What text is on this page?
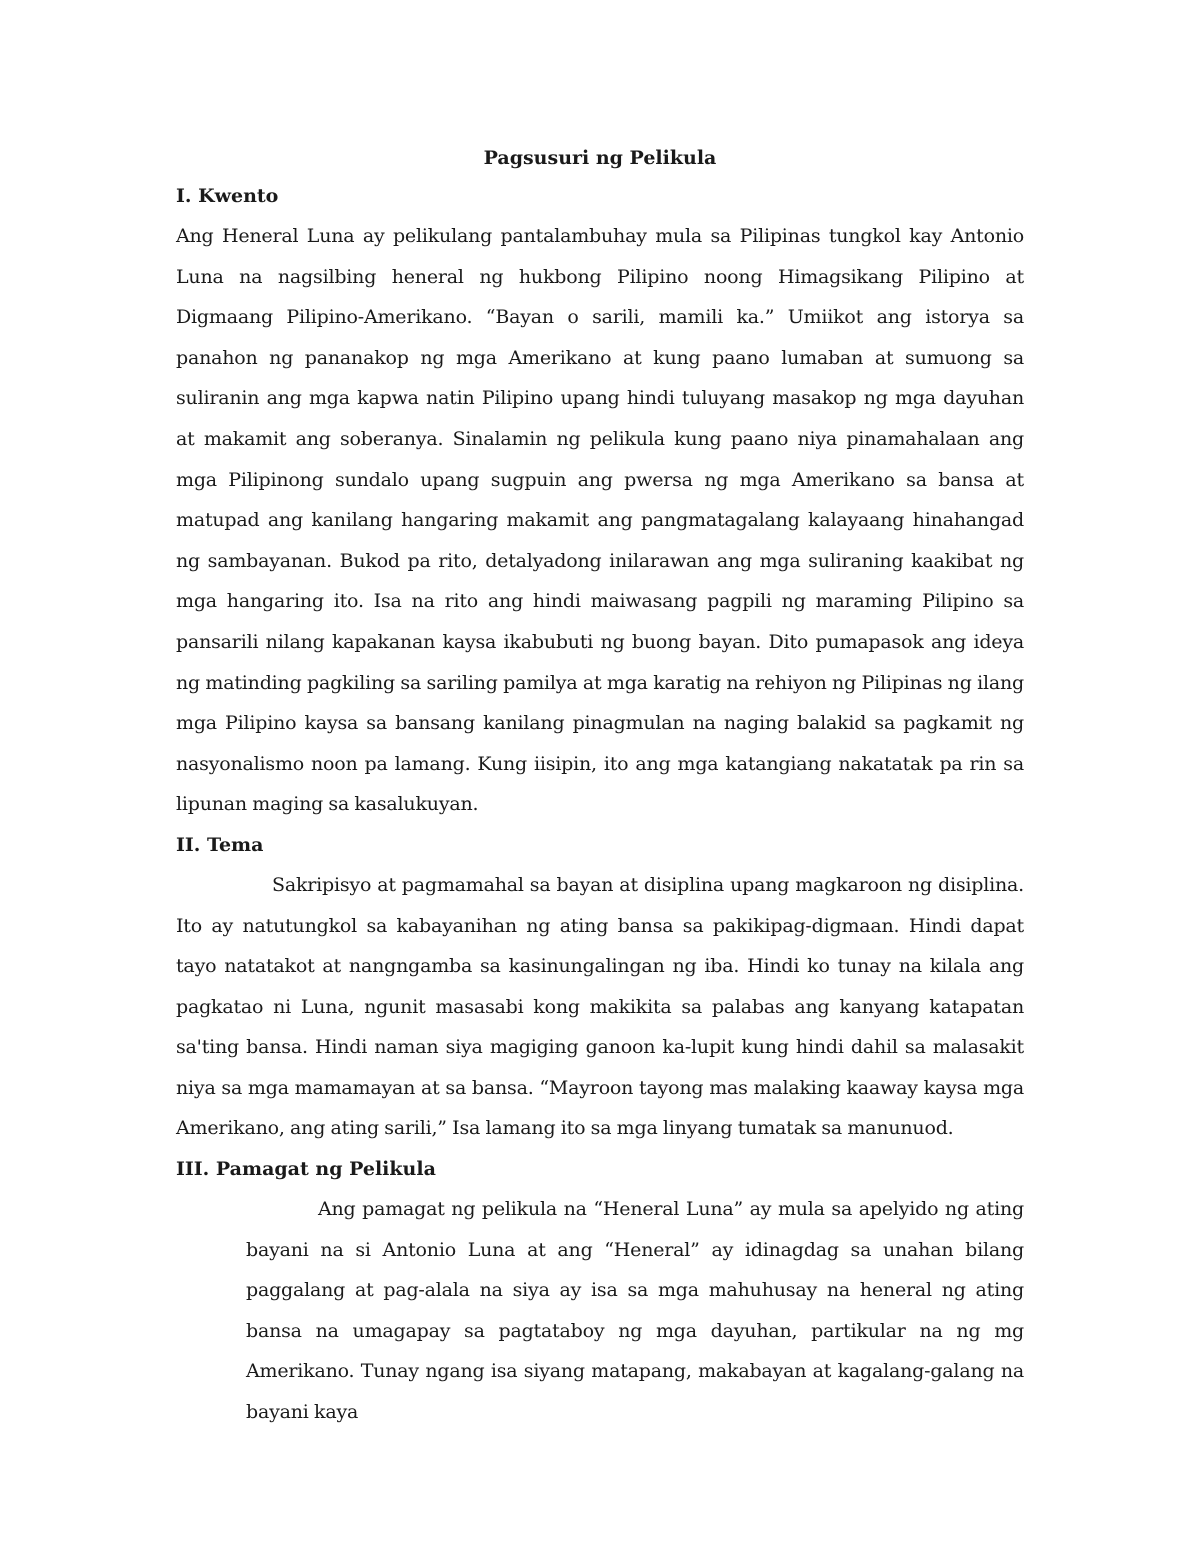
Pagsusuri ng Pelikula

I. Kwento

Ang Heneral Luna ay pelikulang pantalambuhay mula sa Pilipinas tungkol kay Antonio Luna na nagsilbing heneral ng hukbong Pilipino noong Himagsikang Pilipino at Digmaang Pilipino-Amerikano. “Bayan o sarili, mamili ka.” Umiikot ang istorya sa panahon ng pananakop ng mga Amerikano at kung paano lumaban at sumuong sa suliranin ang mga kapwa natin Pilipino upang hindi tuluyang masakop ng mga dayuhan at makamit ang soberanya. Sinalamin ng pelikula kung paano niya pinamahalaan ang mga Pilipinong sundalo upang sugpuin ang pwersa ng mga Amerikano sa bansa at matupad ang kanilang hangaring makamit ang pangmatagalang kalayaang hinahangad ng sambayanan. Bukod pa rito, detalyadong inilarawan ang mga suliraning kaakibat ng mga hangaring ito. Isa na rito ang hindi maiwasang pagpili ng maraming Pilipino sa pansarili nilang kapakanan kaysa ikabubuti ng buong bayan. Dito pumapasok ang ideya ng matinding pagkiling sa sariling pamilya at mga karatig na rehiyon ng Pilipinas ng ilang mga Pilipino kaysa sa bansang kanilang pinagmulan na naging balakid sa pagkamit ng nasyonalismo noon pa lamang. Kung iisipin, ito ang mga katangiang nakatatak pa rin sa lipunan maging sa kasalukuyan.

II. Tema

Sakripisyo at pagmamahal sa bayan at disiplina upang magkaroon ng disiplina. Ito ay natutungkol sa kabayanihan ng ating bansa sa pakikipag-digmaan. Hindi dapat tayo natatakot at nangngamba sa kasinungalingan ng iba. Hindi ko tunay na kilala ang pagkatao ni Luna, ngunit masasabi kong makikita sa palabas ang kanyang katapatan sa'ting bansa. Hindi naman siya magiging ganoon ka-lupit kung hindi dahil sa malasakit niya sa mga mamamayan at sa bansa. “Mayroon tayong mas malaking kaaway kaysa mga Amerikano, ang ating sarili,” Isa lamang ito sa mga linyang tumatak sa manunuod.

III. Pamagat ng Pelikula

Ang pamagat ng pelikula na “Heneral Luna” ay mula sa apelyido ng ating bayani na si Antonio Luna at ang “Heneral” ay idinagdag sa unahan bilang paggalang at pag-alala na siya ay isa sa mga mahuhusay na heneral ng ating bansa na umagapay sa pagtataboy ng mga dayuhan, partikular na ng mg Amerikano. Tunay ngang isa siyang matapang, makabayan at kagalang-galang na bayani kaya
